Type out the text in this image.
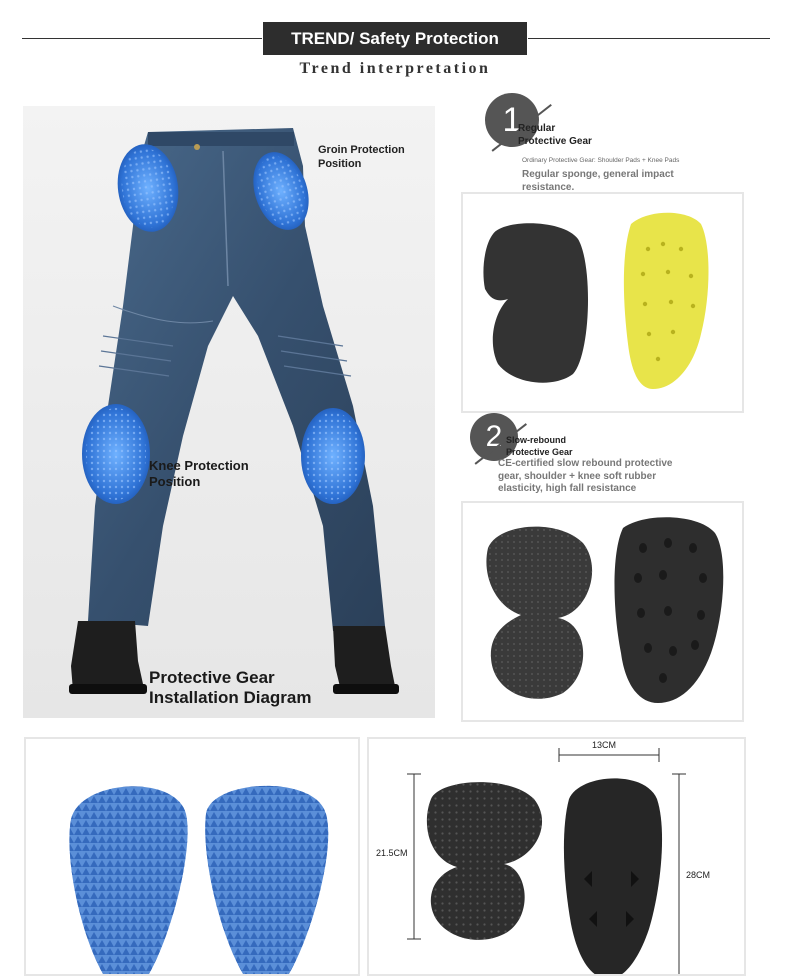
TREND/ Safety Protection
Trend interpretation
Groin Protection
Position
Knee Protection
Position
Protective Gear
Installation Diagram
1
Regular
Protective Gear
Ordinary Protective Gear: Shoulder Pads + Knee Pads
Regular sponge, general impact
resistance.
2 Slow-rebound
Protective Gear
CE-certified slow rebound protective
gear, shoulder + knee soft rubber
elasticity, high fall resistance
13CM
21.5CM
28CM
